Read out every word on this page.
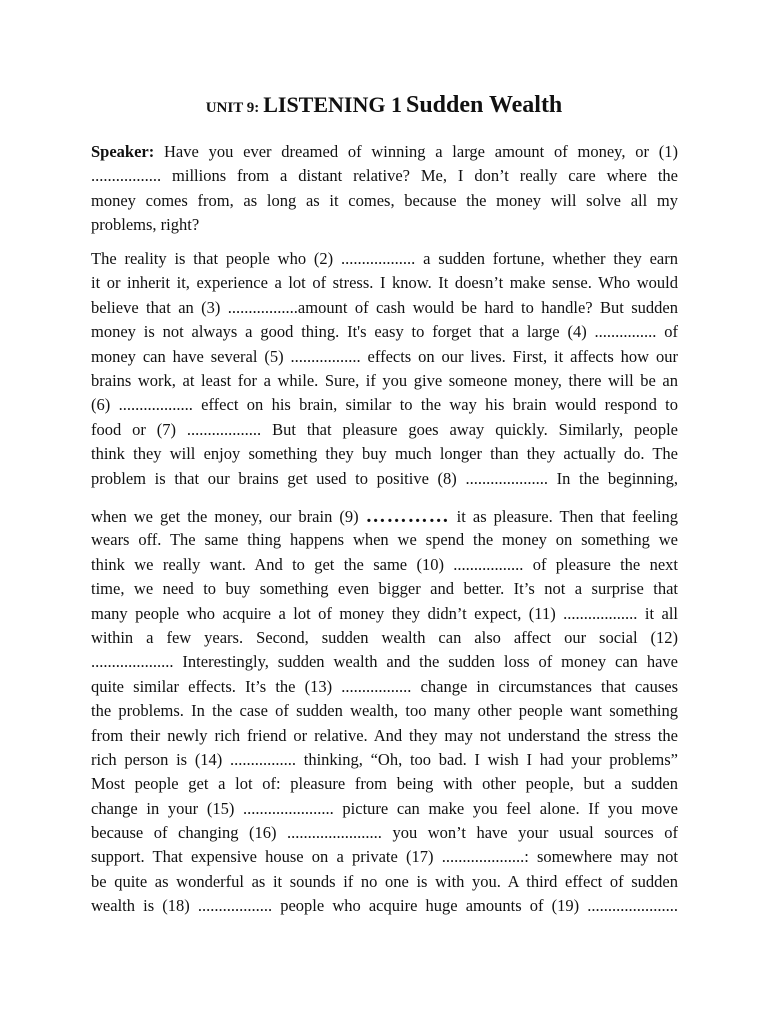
UNIT 9: LISTENING 1 Sudden Wealth
Speaker: Have you ever dreamed of winning a large amount of money, or (1)
................. millions from a distant relative? Me, I don’t really care where the
money comes from, as long as it comes, because the money will solve all my
problems, right?
The reality is that people who (2) .................. a sudden fortune, whether they earn
it or inherit it, experience a lot of stress. I know. It doesn’t make sense. Who would
believe that an (3) .................amount of cash would be hard to handle? But sudden
money is not always a good thing. It's easy to forget that a large (4) ............... of
money can have several (5) ................. effects on our lives. First, it affects how our
brains work, at least for a while. Sure, if you give someone money, there will be an
(6) .................. effect on his brain, similar to the way his brain would respond to
food or (7) .................. But that pleasure goes away quickly. Similarly, people
think they will enjoy something they buy much longer than they actually do. The
problem is that our brains get used to positive (8) .................... In the beginning,
when we get the money, our brain (9) ………… it as pleasure. Then that feeling
wears off. The same thing happens when we spend the money on something we
think we really want. And to get the same (10) ................. of pleasure the next
time, we need to buy something even bigger and better. It’s not a surprise that
many people who acquire a lot of money they didn’t expect, (11) .................. it all
within a few years. Second, sudden wealth can also affect our social (12)
.................... Interestingly, sudden wealth and the sudden loss of money can have
quite similar effects. It’s the (13) ................. change in circumstances that causes
the problems. In the case of sudden wealth, too many other people want something
from their newly rich friend or relative. And they may not understand the stress the
rich person is (14) ................ thinking, “Oh, too bad. I wish I had your problems”
Most people get a lot of: pleasure from being with other people, but a sudden
change in your (15) ...................... picture can make you feel alone. If you move
because of changing (16) ....................... you won’t have your usual sources of
support. That expensive house on a private (17) ....................: somewhere may not
be quite as wonderful as it sounds if no one is with you. A third effect of sudden
wealth is (18) .................. people who acquire huge amounts of (19) ......................
